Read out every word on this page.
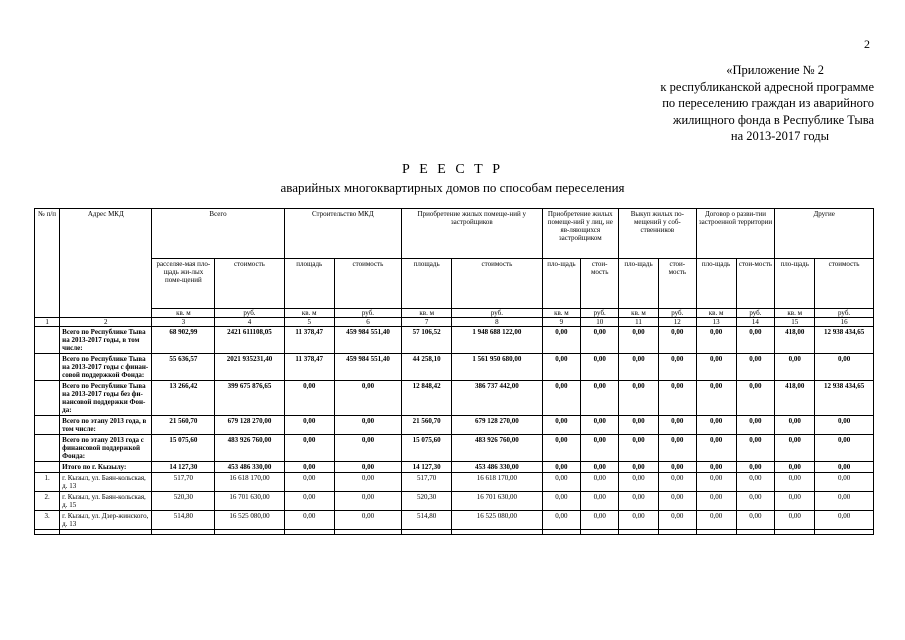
2
«Приложение № 2
к республиканской адресной программе
по переселению граждан из аварийного
жилищного фонда в Республике Тыва
на 2013-2017 годы
Р Е Е С Т Р
аварийных многоквартирных домов по способам переселения
№ п/п	Адрес МКД	Всего		Строительство МКД		Приобретение жилых помеще-ний у застройщиков		Приобретение жилых помеще-ний у лиц, не яв-ляющихся застройщиком		Выкуп жилых по-мещений у соб-ственников		Договор о разви-тии застроенной территории		Другие	
		расселяе-мая пло-щадь жи-лых поме-щений	стоимость	площадь	стоимость	площадь	стоимость	пло-щадь	стои-мость	пло-щадь	стои-мость	пло-щадь	стои-мость	пло-щадь	стоимость
		кв. м	руб.	кв. м	руб.	кв. м	руб.	кв. м	руб.	кв. м	руб.	кв. м	руб.	кв. м	руб.
1	2	3	4	5	6	7	8	9	10	11	12	13	14	15	16
	Всего по Республике Тыва на 2013-2017 годы, в том числе:	68 902,99	2421 611108,05	11 378,47	459 984 551,40	57 106,52	1 948 688 122,00	0,00	0,00	0,00	0,00	0,00	0,00	418,00	12 938 434,65
	Всего по Республике Тыва на 2013-2017 годы с финан-совой поддержкой Фонда:	55 636,57	2021 935231,40	11 378,47	459 984 551,40	44 258,10	1 561 950 680,00	0,00	0,00	0,00	0,00	0,00	0,00	0,00	0,00
	Всего по Республике Тыва на 2013-2017 годы без фи-нансовой поддержки Фон-да:	13 266,42	399 675 876,65	0,00	0,00	12 848,42	386 737 442,00	0,00	0,00	0,00	0,00	0,00	0,00	418,00	12 938 434,65
	Всего по этапу 2013 года, в том числе:	21 560,70	679 128 270,00	0,00	0,00	21 560,70	679 128 270,00	0,00	0,00	0,00	0,00	0,00	0,00	0,00	0,00
	Всего по этапу 2013 года с финансовой поддержкой Фонда:	15 075,60	483 926 760,00	0,00	0,00	15 075,60	483 926 760,00	0,00	0,00	0,00	0,00	0,00	0,00	0,00	0,00
	Итого по г. Кызылу:	14 127,30	453 486 330,00	0,00	0,00	14 127,30	453 486 330,00	0,00	0,00	0,00	0,00	0,00	0,00	0,00	0,00
1.	г. Кызыл, ул. Баян-кольская, д. 13	517,70	16 618 170,00	0,00	0,00	517,70	16 618 170,00	0,00	0,00	0,00	0,00	0,00	0,00	0,00	0,00
2.	г. Кызыл, ул. Баян-кольская, д. 15	520,30	16 701 630,00	0,00	0,00	520,30	16 701 630,00	0,00	0,00	0,00	0,00	0,00	0,00	0,00	0,00
3.	г. Кызыл, ул. Дзер-жинского, д. 13	514,80	16 525 080,00	0,00	0,00	514,80	16 525 080,00	0,00	0,00	0,00	0,00	0,00	0,00	0,00	0,00
